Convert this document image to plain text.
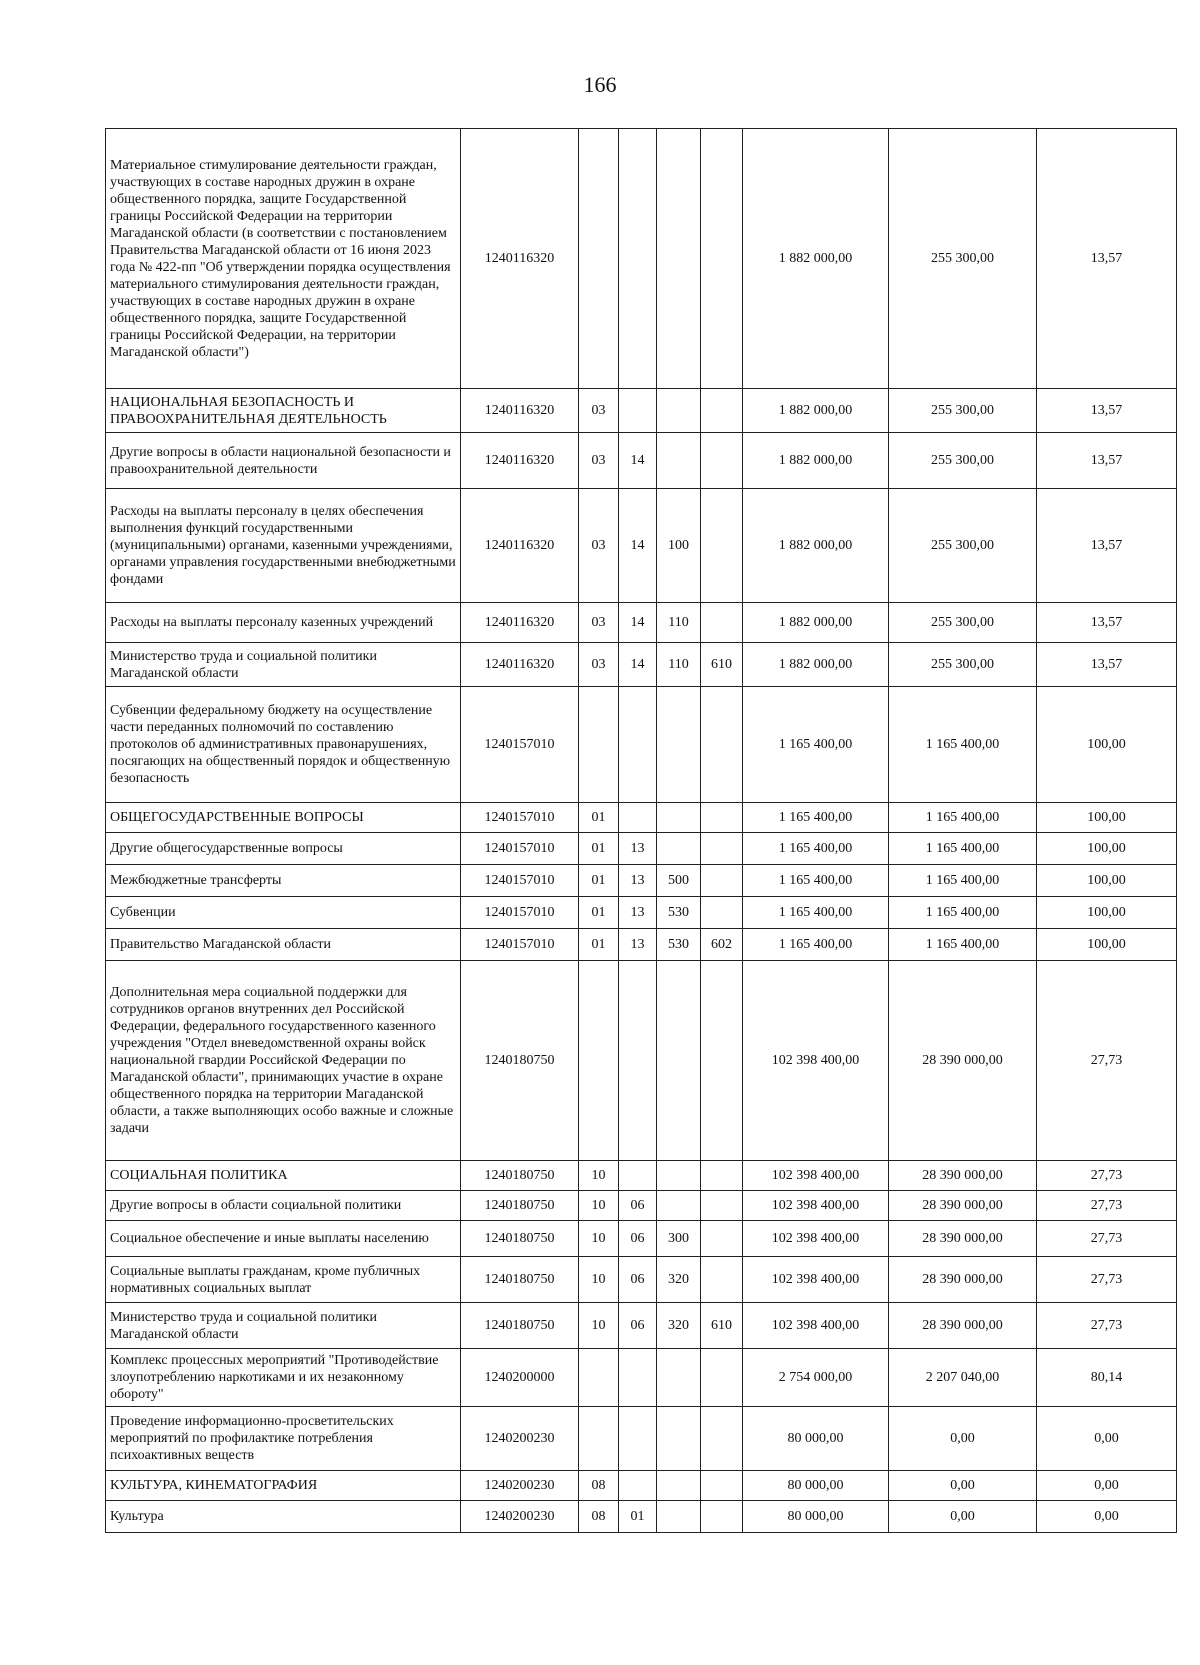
166
Материальное стимулирование деятельности граждан, участвующих в составе народных дружин в охране общественного порядка, защите Государственной границы Российской Федерации на территории Магаданской области (в соответствии с постановлением Правительства Магаданской области от 16 июня 2023 года № 422-пп "Об утверждении порядка осуществления материального стимулирования деятельности граждан, участвующих в составе народных дружин в охране общественного порядка, защите Государственной границы Российской Федерации, на территории Магаданской области")	1240116320					1 882 000,00	255 300,00	13,57
НАЦИОНАЛЬНАЯ БЕЗОПАСНОСТЬ И ПРАВООХРАНИТЕЛЬНАЯ ДЕЯТЕЛЬНОСТЬ	1240116320	03				1 882 000,00	255 300,00	13,57
Другие вопросы в области национальной безопасности и правоохранительной деятельности	1240116320	03	14			1 882 000,00	255 300,00	13,57
Расходы на выплаты персоналу в целях обеспечения выполнения функций государственными (муниципальными) органами, казенными учреждениями, органами управления государственными внебюджетными фондами	1240116320	03	14	100		1 882 000,00	255 300,00	13,57
Расходы на выплаты персоналу казенных учреждений	1240116320	03	14	110		1 882 000,00	255 300,00	13,57
Министерство труда и социальной политики Магаданской области	1240116320	03	14	110	610	1 882 000,00	255 300,00	13,57
Субвенции федеральному бюджету на осуществление части переданных полномочий по составлению протоколов об административных правонарушениях, посягающих на общественный порядок и общественную безопасность	1240157010					1 165 400,00	1 165 400,00	100,00
ОБЩЕГОСУДАРСТВЕННЫЕ ВОПРОСЫ	1240157010	01				1 165 400,00	1 165 400,00	100,00
Другие общегосударственные вопросы	1240157010	01	13			1 165 400,00	1 165 400,00	100,00
Межбюджетные трансферты	1240157010	01	13	500		1 165 400,00	1 165 400,00	100,00
Субвенции	1240157010	01	13	530		1 165 400,00	1 165 400,00	100,00
Правительство Магаданской области	1240157010	01	13	530	602	1 165 400,00	1 165 400,00	100,00
Дополнительная мера социальной поддержки для сотрудников органов внутренних дел Российской Федерации, федерального государственного казенного учреждения "Отдел вневедомственной охраны войск национальной гвардии Российской Федерации по Магаданской области", принимающих участие в охране общественного порядка на территории Магаданской области, а также выполняющих особо важные и сложные задачи	1240180750					102 398 400,00	28 390 000,00	27,73
СОЦИАЛЬНАЯ ПОЛИТИКА	1240180750	10				102 398 400,00	28 390 000,00	27,73
Другие вопросы в области социальной политики	1240180750	10	06			102 398 400,00	28 390 000,00	27,73
Социальное обеспечение и иные выплаты населению	1240180750	10	06	300		102 398 400,00	28 390 000,00	27,73
Социальные выплаты гражданам, кроме публичных нормативных социальных выплат	1240180750	10	06	320		102 398 400,00	28 390 000,00	27,73
Министерство труда и социальной политики Магаданской области	1240180750	10	06	320	610	102 398 400,00	28 390 000,00	27,73
Комплекс процессных мероприятий "Противодействие злоупотреблению наркотиками и их незаконному обороту"	1240200000					2 754 000,00	2 207 040,00	80,14
Проведение информационно-просветительских мероприятий по профилактике потребления психоактивных веществ	1240200230					80 000,00	0,00	0,00
КУЛЬТУРА, КИНЕМАТОГРАФИЯ	1240200230	08				80 000,00	0,00	0,00
Культура	1240200230	08	01			80 000,00	0,00	0,00
